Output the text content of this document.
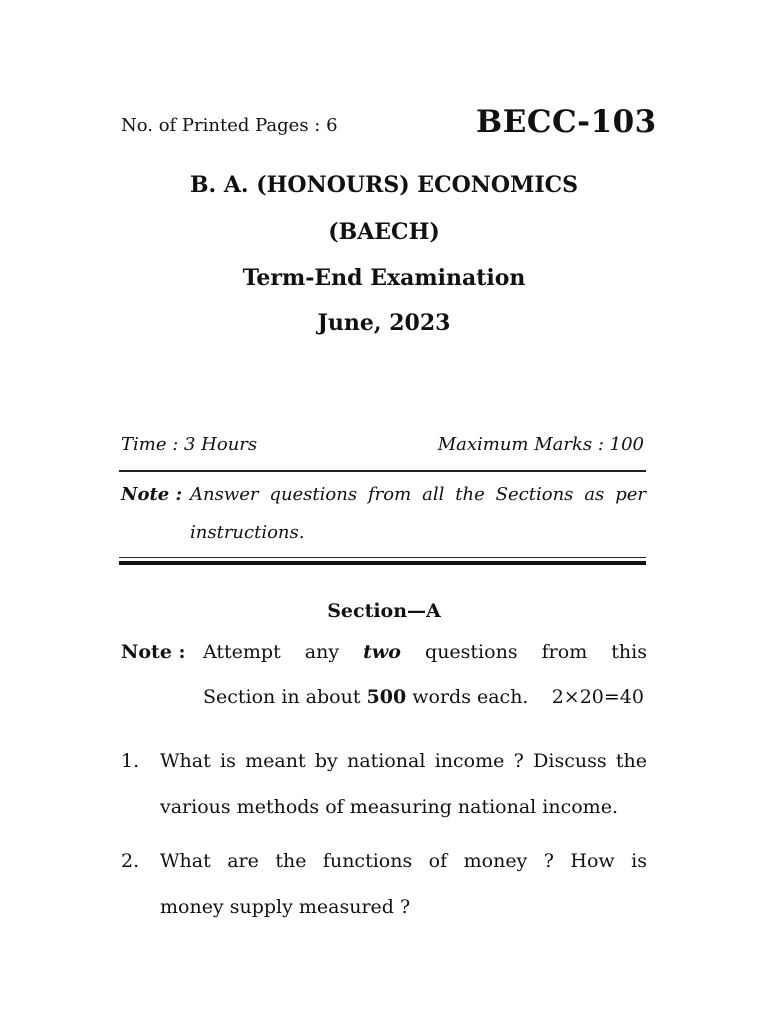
No. of Printed Pages : 6	BECC-103
B. A. (HONOURS) ECONOMICS
(BAECH)
Term-End Examination
June, 2023
Time : 3 Hours	Maximum Marks : 100
Note : Answer questions from all the Sections as per
instructions.
Section—A
Note : Attempt any two questions from this
Section in about 500 words each. 2×20=40
1. What is meant by national income ? Discuss the
various methods of measuring national income.
2. What are the functions of money ? How is
money supply measured ?
